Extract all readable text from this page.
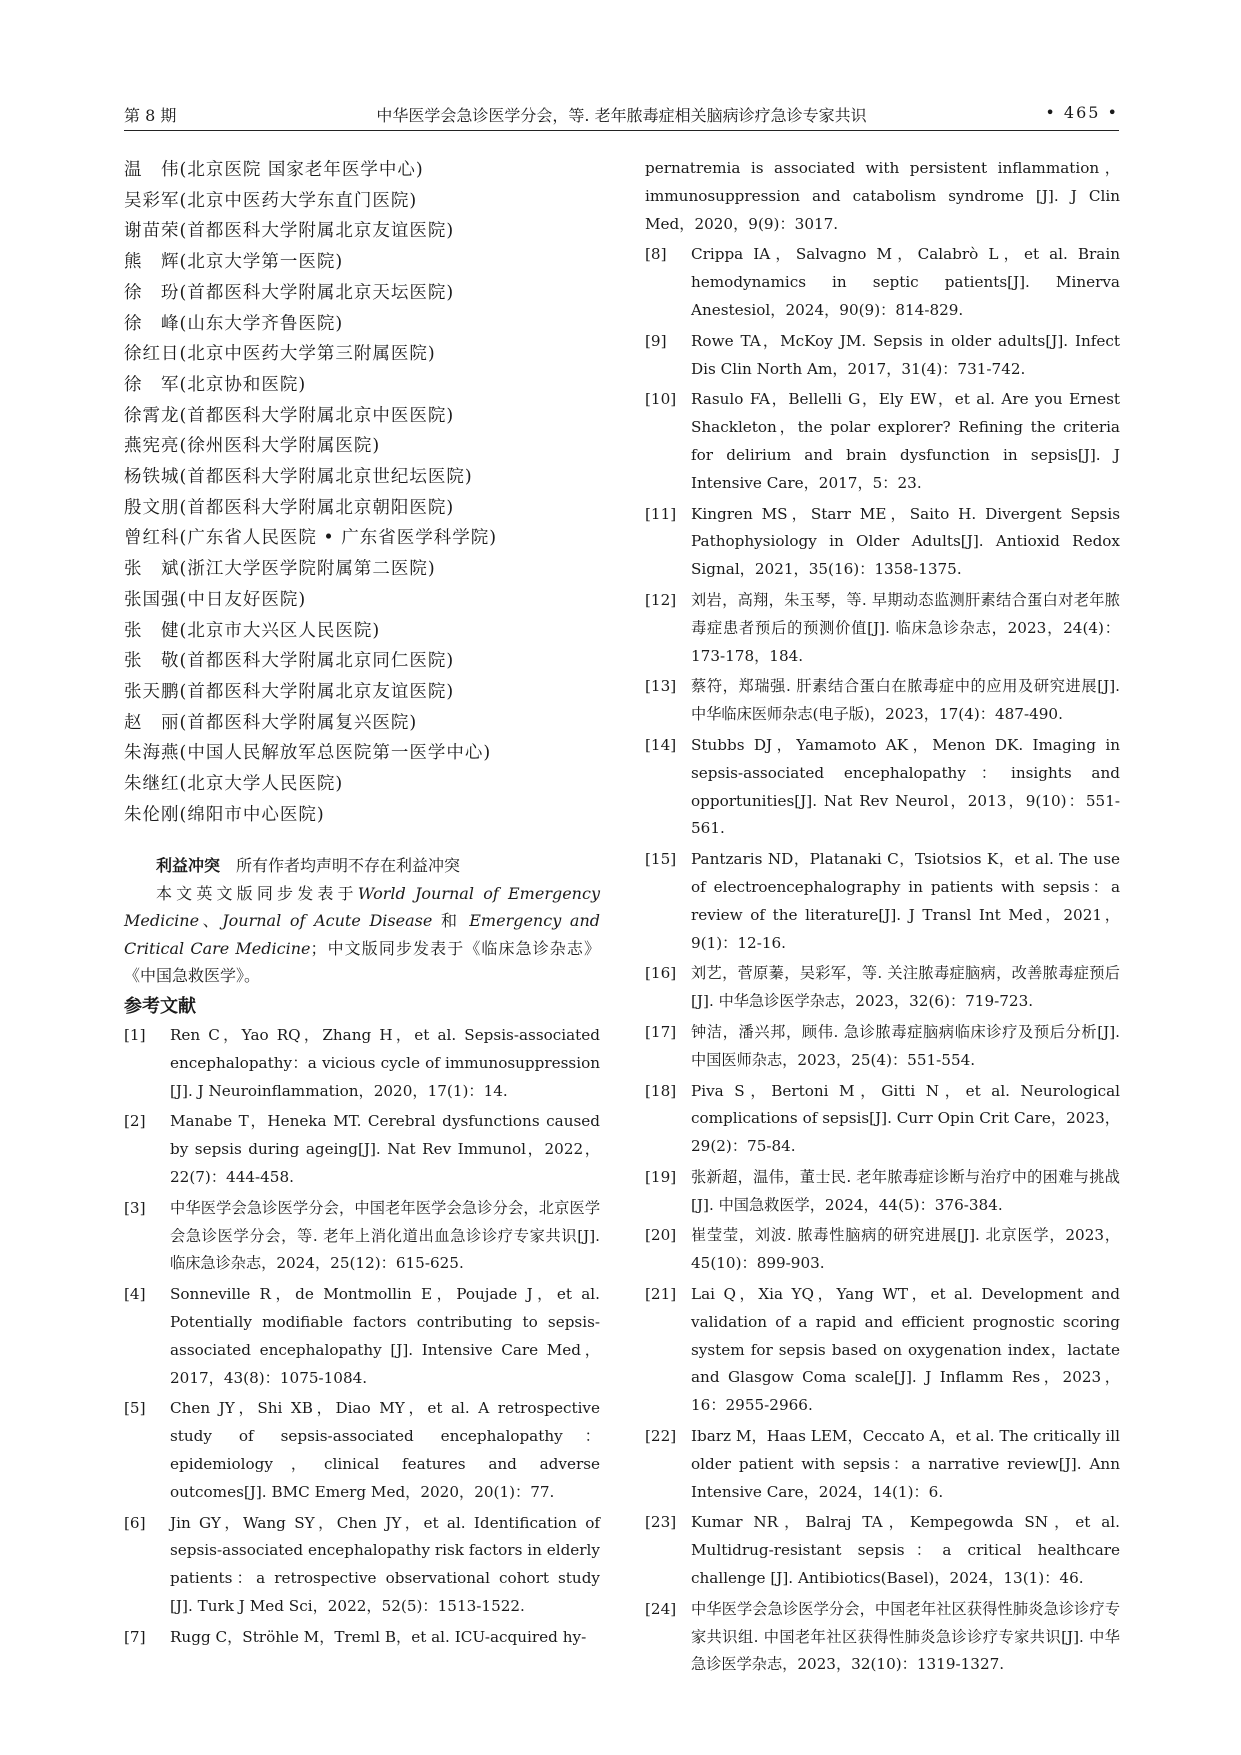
第 8 期	中华医学会急诊医学分会，等. 老年脓毒症相关脑病诊疗急诊专家共识	• 465 •
温　伟(北京医院 国家老年医学中心)
吴彩军(北京中医药大学东直门医院)
谢苗荣(首都医科大学附属北京友谊医院)
熊　辉(北京大学第一医院)
徐　玢(首都医科大学附属北京天坛医院)
徐　峰(山东大学齐鲁医院)
徐红日(北京中医药大学第三附属医院)
徐　军(北京协和医院)
徐霄龙(首都医科大学附属北京中医医院)
燕宪亮(徐州医科大学附属医院)
杨铁城(首都医科大学附属北京世纪坛医院)
殷文朋(首都医科大学附属北京朝阳医院)
曾红科(广东省人民医院 • 广东省医学科学院)
张　斌(浙江大学医学院附属第二医院)
张国强(中日友好医院)
张　健(北京市大兴区人民医院)
张　敬(首都医科大学附属北京同仁医院)
张天鹏(首都医科大学附属北京友谊医院)
赵　丽(首都医科大学附属复兴医院)
朱海燕(中国人民解放军总医院第一医学中心)
朱继红(北京大学人民医院)
朱伦刚(绵阳市中心医院)
利益冲突　 所有作者均声明不存在利益冲突
本文英文版同步发表于World Journal of Emergency Medicine、Journal of Acute Disease 和 Emergency and Critical Care Medicine；中文版同步发表于《临床急诊杂志》《中国急救医学》。
参考文献
[1] Ren C，Yao RQ，Zhang H，et al. Sepsis-associated encephalopathy：a vicious cycle of immunosuppression [J]. J Neuroinflammation，2020，17(1)：14.
[2] Manabe T，Heneka MT. Cerebral dysfunctions caused by sepsis during ageing[J]. Nat Rev Immunol，2022，22(7)：444-458.
[3] 中华医学会急诊医学分会，中国老年医学会急诊分会，北京医学会急诊医学分会，等. 老年上消化道出血急诊诊疗专家共识[J]. 临床急诊杂志，2024，25(12)：615-625.
[4] Sonneville R，de Montmollin E，Poujade J，et al. Potentially modifiable factors contributing to sepsis-associated encephalopathy [J]. Intensive Care Med，2017，43(8)：1075-1084.
[5] Chen JY，Shi XB，Diao MY，et al. A retrospective study of sepsis-associated encephalopathy：epidemiology，clinical features and adverse outcomes[J]. BMC Emerg Med，2020，20(1)：77.
[6] Jin GY，Wang SY，Chen JY，et al. Identification of sepsis-associated encephalopathy risk factors in elderly patients：a retrospective observational cohort study [J]. Turk J Med Sci，2022，52(5)：1513-1522.
[7] Rugg C，Ströhle M，Treml B，et al. ICU-acquired hy-
pernatremia is associated with persistent inflammation，immunosuppression and catabolism syndrome [J]. J Clin Med，2020，9(9)：3017.
[8] Crippa IA，Salvagno M，Calabrò L，et al. Brain hemodynamics in septic patients[J]. Minerva Anestesiol，2024，90(9)：814-829.
[9] Rowe TA，McKoy JM. Sepsis in older adults[J]. Infect Dis Clin North Am，2017，31(4)：731-742.
[10] Rasulo FA，Bellelli G，Ely EW，et al. Are you Ernest Shackleton，the polar explorer? Refining the criteria for delirium and brain dysfunction in sepsis[J]. J Intensive Care，2017，5：23.
[11] Kingren MS，Starr ME，Saito H. Divergent Sepsis Pathophysiology in Older Adults[J]. Antioxid Redox Signal，2021，35(16)：1358-1375.
[12] 刘岩，高翔，朱玉琴，等. 早期动态监测肝素结合蛋白对老年脓毒症患者预后的预测价值[J]. 临床急诊杂志，2023，24(4)：173-178，184.
[13] 蔡符，郑瑞强. 肝素结合蛋白在脓毒症中的应用及研究进展[J]. 中华临床医师杂志(电子版)，2023，17(4)：487-490.
[14] Stubbs DJ，Yamamoto AK，Menon DK. Imaging in sepsis-associated encephalopathy：insights and opportunities[J]. Nat Rev Neurol，2013，9(10)：551-561.
[15] Pantzaris ND，Platanaki C，Tsiotsios K，et al. The use of electroencephalography in patients with sepsis：a review of the literature[J]. J Transl Int Med，2021，9(1)：12-16.
[16] 刘艺，菅原蓁，吴彩军，等. 关注脓毒症脑病，改善脓毒症预后[J]. 中华急诊医学杂志，2023，32(6)：719-723.
[17] 钟洁，潘兴邦，顾伟. 急诊脓毒症脑病临床诊疗及预后分析[J]. 中国医师杂志，2023，25(4)：551-554.
[18] Piva S，Bertoni M，Gitti N，et al. Neurological complications of sepsis[J]. Curr Opin Crit Care，2023，29(2)：75-84.
[19] 张新超，温伟，董士民. 老年脓毒症诊断与治疗中的困难与挑战[J]. 中国急救医学，2024，44(5)：376-384.
[20] 崔莹莹，刘波. 脓毒性脑病的研究进展[J]. 北京医学，2023，45(10)：899-903.
[21] Lai Q，Xia YQ，Yang WT，et al. Development and validation of a rapid and efficient prognostic scoring system for sepsis based on oxygenation index，lactate and Glasgow Coma scale[J]. J Inflamm Res，2023，16：2955-2966.
[22] Ibarz M，Haas LEM，Ceccato A，et al. The critically ill older patient with sepsis：a narrative review[J]. Ann Intensive Care，2024，14(1)：6.
[23] Kumar NR，Balraj TA，Kempegowda SN，et al. Multidrug-resistant sepsis：a critical healthcare challenge [J]. Antibiotics(Basel)，2024，13(1)：46.
[24] 中华医学会急诊医学分会，中国老年社区获得性肺炎急诊诊疗专家共识组. 中国老年社区获得性肺炎急诊诊疗专家共识[J]. 中华急诊医学杂志，2023，32(10)：1319-1327.
